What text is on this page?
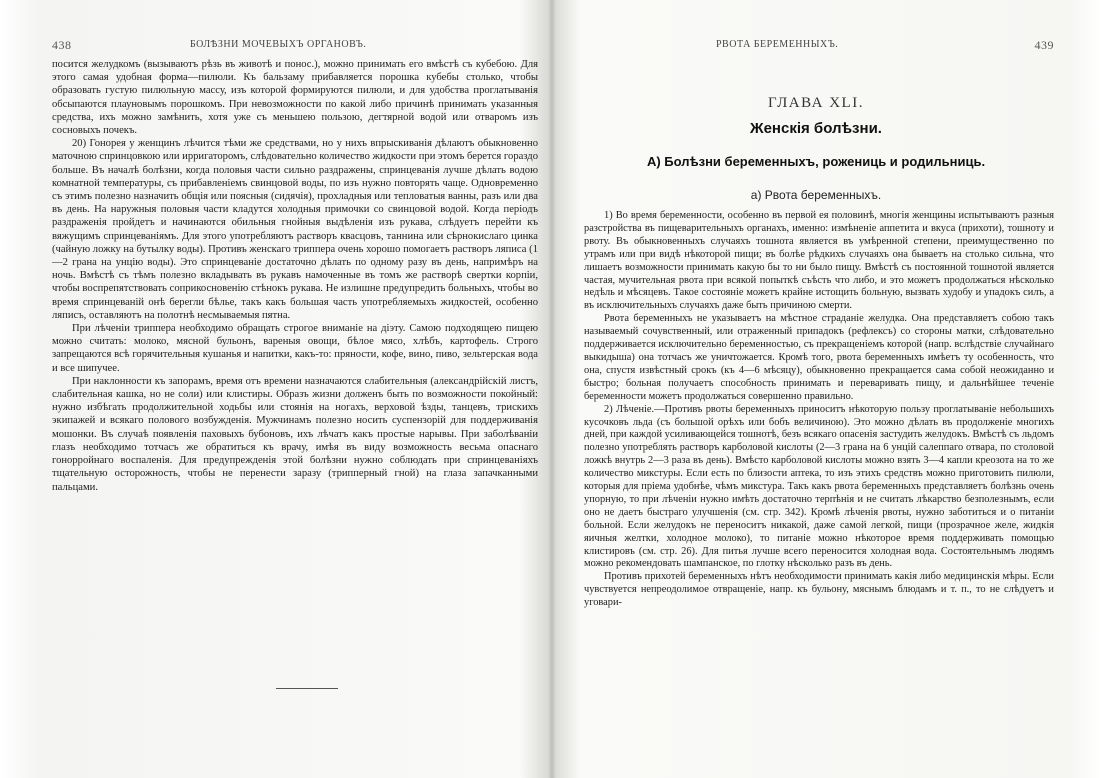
438	БОЛѢЗНИ МОЧЕВЫХЪ ОРГАНОВЪ.

посится желудкомъ (вызываютъ рѣзь въ животѣ и понос.), можно принимать его вмѣстѣ съ кубебою. Для этого самая удобная форма—пилюли. Къ бальзаму прибавляется порошка кубебы столько, чтобы образовать густую пилюльную массу, изъ которой формируются пилюли, и для удобства проглатыванія обсыпаются плауновымъ порошкомъ. При невозможности по какой либо причинѣ принимать указанныя средства, ихъ можно замѣнить, хотя уже съ меньшею пользою, дегтярной водой или отваромъ изъ сосновыхъ почекъ.

20) Гонорея у женщинъ лѣчится тѣми же средствами, но у нихъ впрыскиванія дѣлаютъ обыкновенно маточною спринцовкою или ирригаторомъ, слѣдовательно количество жидкости при этомъ берется гораздо больше. Въ началѣ болѣзни, когда половыя части сильно раздражены, спринцеванія лучше дѣлать водою комнатной температуры, съ прибавленіемъ свинцовой воды, по изъ нужно повторять чаще. Одновременно съ этимъ полезно назначить общія или поясныя (сидячія), прохладныя или тепловатыя ванны, разъ или два въ день. На наружныя половыя части кладутся холодныя примочки со свинцовой водой. Когда періодъ раздраженія пройдетъ и начинаются обильныя гнойныя выдѣленія изъ рукава, слѣдуетъ перейти къ вяжущимъ спринцеваніямъ. Для этого употребляютъ растворъ квасцовъ, таннина или сѣрнокислаго цинка (чайную ложку на бутылку воды). Противъ женскаго триппера очень хорошо помогаетъ растворъ ляписа (1—2 грана на унцію воды). Это спринцеваніе достаточно дѣлать по одному разу въ день, напримѣръ на ночь. Вмѣстѣ съ тѣмъ полезно вкладывать въ рукавъ намоченные въ томъ же растворѣ свертки корпіи, чтобы воспрепятствовать соприкосновенію стѣнокъ рукава. Не излишне предупредить больныхъ, чтобы во время спринцеваній онѣ берегли бѣлье, такъ какъ большая часть употребляемыхъ жидкостей, особенно ляписъ, оставляютъ на полотнѣ несмываемыя пятна.

При лѣченіи триппера необходимо обращать строгое вниманіе на діэту. Самою подходящею пищею можно считать: молоко, мясной бульонъ, вареныя овощи, бѣлое мясо, хлѣбъ, картофель. Строго запрещаются всѣ горячительныя кушанья и напитки, какъ-то: пряности, кофе, вино, пиво, зельтерская вода и все шипучее.

При наклонности къ запорамъ, время отъ времени назначаются слабительныя (александрійскій листъ, слабительная кашка, но не соли) или клистиры. Образъ жизни долженъ быть по возможности покойный: нужно избѣгать продолжительной ходьбы или стоянія на ногахъ, верховой ѣзды, танцевъ, трискихъ экипажей и всякаго полового возбужденія. Мужчинамъ полезно носить суспензорій для поддерживанія мошонки. Въ случаѣ появленія паховыхъ бубоновъ, ихъ лѣчатъ какъ простые нарывы. При заболѣваніи глазъ необходимо тотчасъ же обратиться къ врачу, имѣя въ виду возможность весьма опаснаго гонорройнаго воспаленія. Для предупрежденія этой болѣзни нужно соблюдать при спринцеваніяхъ тщательную осторожность, чтобы не перенести заразу (трипперный гной) на глаза запачканными пальцами.

РВОТА БЕРЕМЕННЫХЪ.	439
ГЛАВА XLI.
Женскія болѣзни.
А) Болѣзни беременныхъ, рожениць и родильниць.
а) Рвота беременныхъ.

1) Во время беременности, особенно въ первой ея половинѣ, многія женщины испытываютъ разныя разстройства въ пищеварительныхъ органахъ, именно: измѣненіе аппетита и вкуса (прихоти), тошноту и рвоту. Въ обыкновенныхъ случаяхъ тошнота является въ умѣренной степени, преимущественно по утрамъ или при видѣ нѣкоторой пищи; въ болѣе рѣдкихъ случаяхъ она бываетъ на столько сильна, что лишаетъ возможности принимать какую бы то ни было пищу. Вмѣстѣ съ постоянной тошнотой является частая, мучительная рвота при всякой попыткѣ съѣсть что либо, и это можетъ продолжаться нѣсколько недѣль и мѣсяцевъ. Такое состояніе можетъ крайне истощить больную, вызвать худобу и упадокъ силъ, а въ исключительныхъ случаяхъ даже быть причиною смерти.

Рвота беременныхъ не указываетъ на мѣстное страданіе желудка. Она представляетъ собою такъ называемый сочувственный, или отраженный припадокъ (рефлексъ) со стороны матки, слѣдовательно поддерживается исключительно беременностью, съ прекращеніемъ которой (напр. вслѣдствіе случайнаго выкидыша) она тотчасъ же уничтожается. Кромѣ того, рвота беременныхъ имѣетъ ту особенность, что она, спустя извѣстный срокъ (къ 4—6 мѣсяцу), обыкновенно прекращается сама собой неожиданно и быстро; больная получаетъ способность принимать и переваривать пищу, и дальнѣйшее теченіе беременности можетъ продолжаться совершенно правильно.

2) Лѣченіе.—Противъ рвоты беременныхъ приноситъ нѣкоторую пользу проглатываніе небольшихъ кусочковъ льда (съ большой орѣхъ или бобъ величиною). Это можно дѣлать въ продолженіе многихъ дней, при каждой усиливающейся тошнотѣ, безъ всякаго опасенія застудить желудокъ. Вмѣстѣ съ льдомъ полезно употреблять растворъ карболовой кислоты (2—3 грана на 6 унцій салеппаго отвара, по столовой ложкѣ внутрь 2—3 раза въ день). Вмѣсто карболовой кислоты можно взять 3—4 капли креозота на то же количество микстуры. Если есть по близости аптека, то изъ этихъ средствъ можно приготовить пилюли, которыя для пріема удобнѣе, чѣмъ микстура. Такъ какъ рвота беременныхъ представляетъ болѣзнь очень упорную, то при лѣченіи нужно имѣть достаточно терпѣнія и не считать лѣкарство безполезнымъ, если оно не даетъ быстраго улучшенія (см. стр. 342). Кромѣ лѣченія рвоты, нужно заботиться и о питаніи больной. Если желудокъ не переноситъ никакой, даже самой легкой, пищи (прозрачное желе, жидкія яичныя желтки, холодное молоко), то питаніе можно нѣкоторое время поддерживать помощью клистировъ (см. стр. 26). Для питья лучше всего переносится холодная вода. Состоятельнымъ людямъ можно рекомендовать шампанское, по глотку нѣсколько разъ въ день.

Противъ прихотей беременныхъ нѣтъ необходимости принимать какія либо медицинскія мѣры. Если чувствуется непреодолимое отвращеніе, напр. къ бульону, мяснымъ блюдамъ и т. п., то не слѣдуетъ и уговари-
